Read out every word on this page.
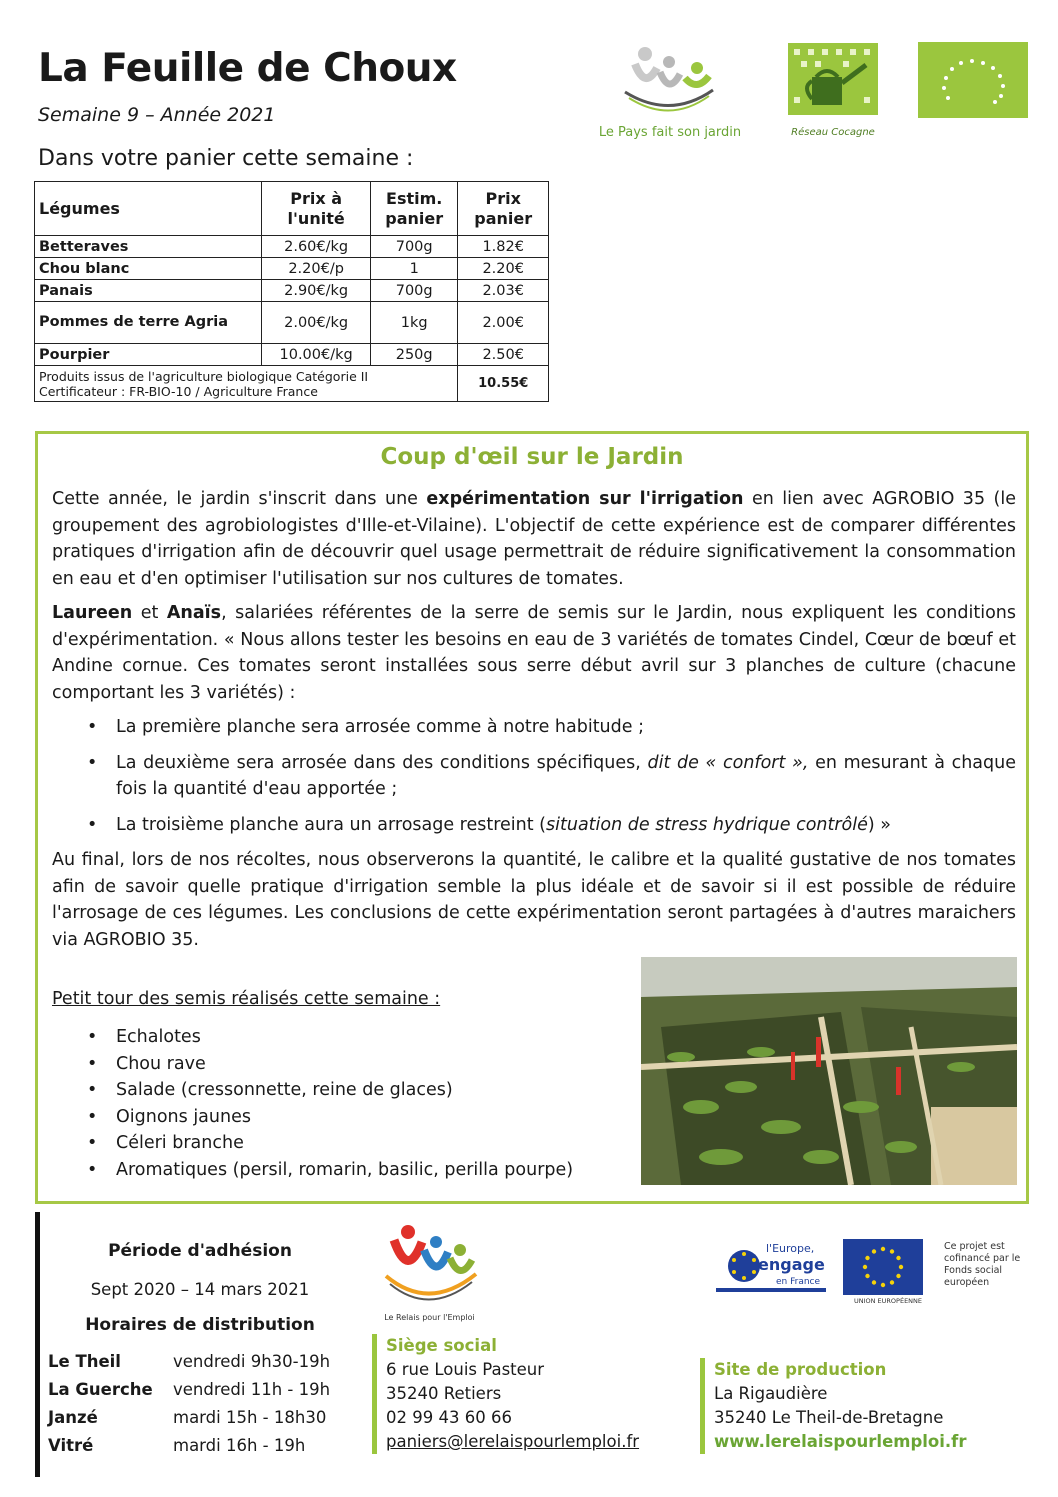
La Feuille de Choux
Semaine 9 – Année 2021
Dans votre panier cette semaine :
Le Pays fait son jardin	Réseau Cocagne
Légumes	Prix à l'unité	Estim. panier	Prix panier
Betteraves	2.60€/kg	700g	1.82€
Chou blanc	2.20€/p	1	2.20€
Panais	2.90€/kg	700g	2.03€
Pommes de terre Agria	2.00€/kg	1kg	2.00€
Pourpier	10.00€/kg	250g	2.50€

Produits issus de l'agriculture biologique Catégorie II
Certificateur : FR-BIO-10 / Agriculture France			10.55€
Coup d'œil sur le Jardin

Cette année, le jardin s'inscrit dans une expérimentation sur l'irrigation en lien avec AGROBIO 35 (le groupement des agrobiologistes d'Ille-et-Vilaine). L'objectif de cette expérience est de comparer différentes pratiques d'irrigation afin de découvrir quel usage permettrait de réduire significativement la consommation en eau et d'en optimiser l'utilisation sur nos cultures de tomates.

Laureen et Anaïs, salariées référentes de la serre de semis sur le Jardin, nous expliquent les conditions d'expérimentation. « Nous allons tester les besoins en eau de 3 variétés de tomates Cindel, Cœur de bœuf et Andine cornue. Ces tomates seront installées sous serre début avril sur 3 planches de culture (chacune comportant les 3 variétés) :

• La première planche sera arrosée comme à notre habitude ;
• La deuxième sera arrosée dans des conditions spécifiques, dit de « confort », en mesurant à chaque fois la quantité d'eau apportée ;
• La troisième planche aura un arrosage restreint (situation de stress hydrique contrôlé) »

Au final, lors de nos récoltes, nous observerons la quantité, le calibre et la qualité gustative de nos tomates afin de savoir quelle pratique d'irrigation semble la plus idéale et de savoir si il est possible de réduire l'arrosage de ces légumes. Les conclusions de cette expérimentation seront partagées à d'autres maraichers via AGROBIO 35.

Petit tour des semis réalisés cette semaine :
• Echalotes
• Chou rave
• Salade (cressonnette, reine de glaces)
• Oignons jaunes
• Céleri branche
• Aromatiques (persil, romarin, basilic, perilla pourpe)
Période d'adhésion
Sept 2020 – 14 mars 2021
Horaires de distribution
Le Theil	vendredi 9h30-19h
La Guerche vendredi 11h - 19h
Janzé	mardi 15h - 18h30
Vitré	mardi 16h - 19h
Le Relais pour l'Emploi
Siège social
6 rue Louis Pasteur
35240 Retiers
02 99 43 60 66
paniers@lerelaispourlemploi.fr
Site de production
La Rigaudière
35240 Le Theil-de-Bretagne
www.lerelaispourlemploi.fr
l'Europe,
engage
en France
UNION EUROPÉENNE
Ce projet est cofinancé par le Fonds social européen
